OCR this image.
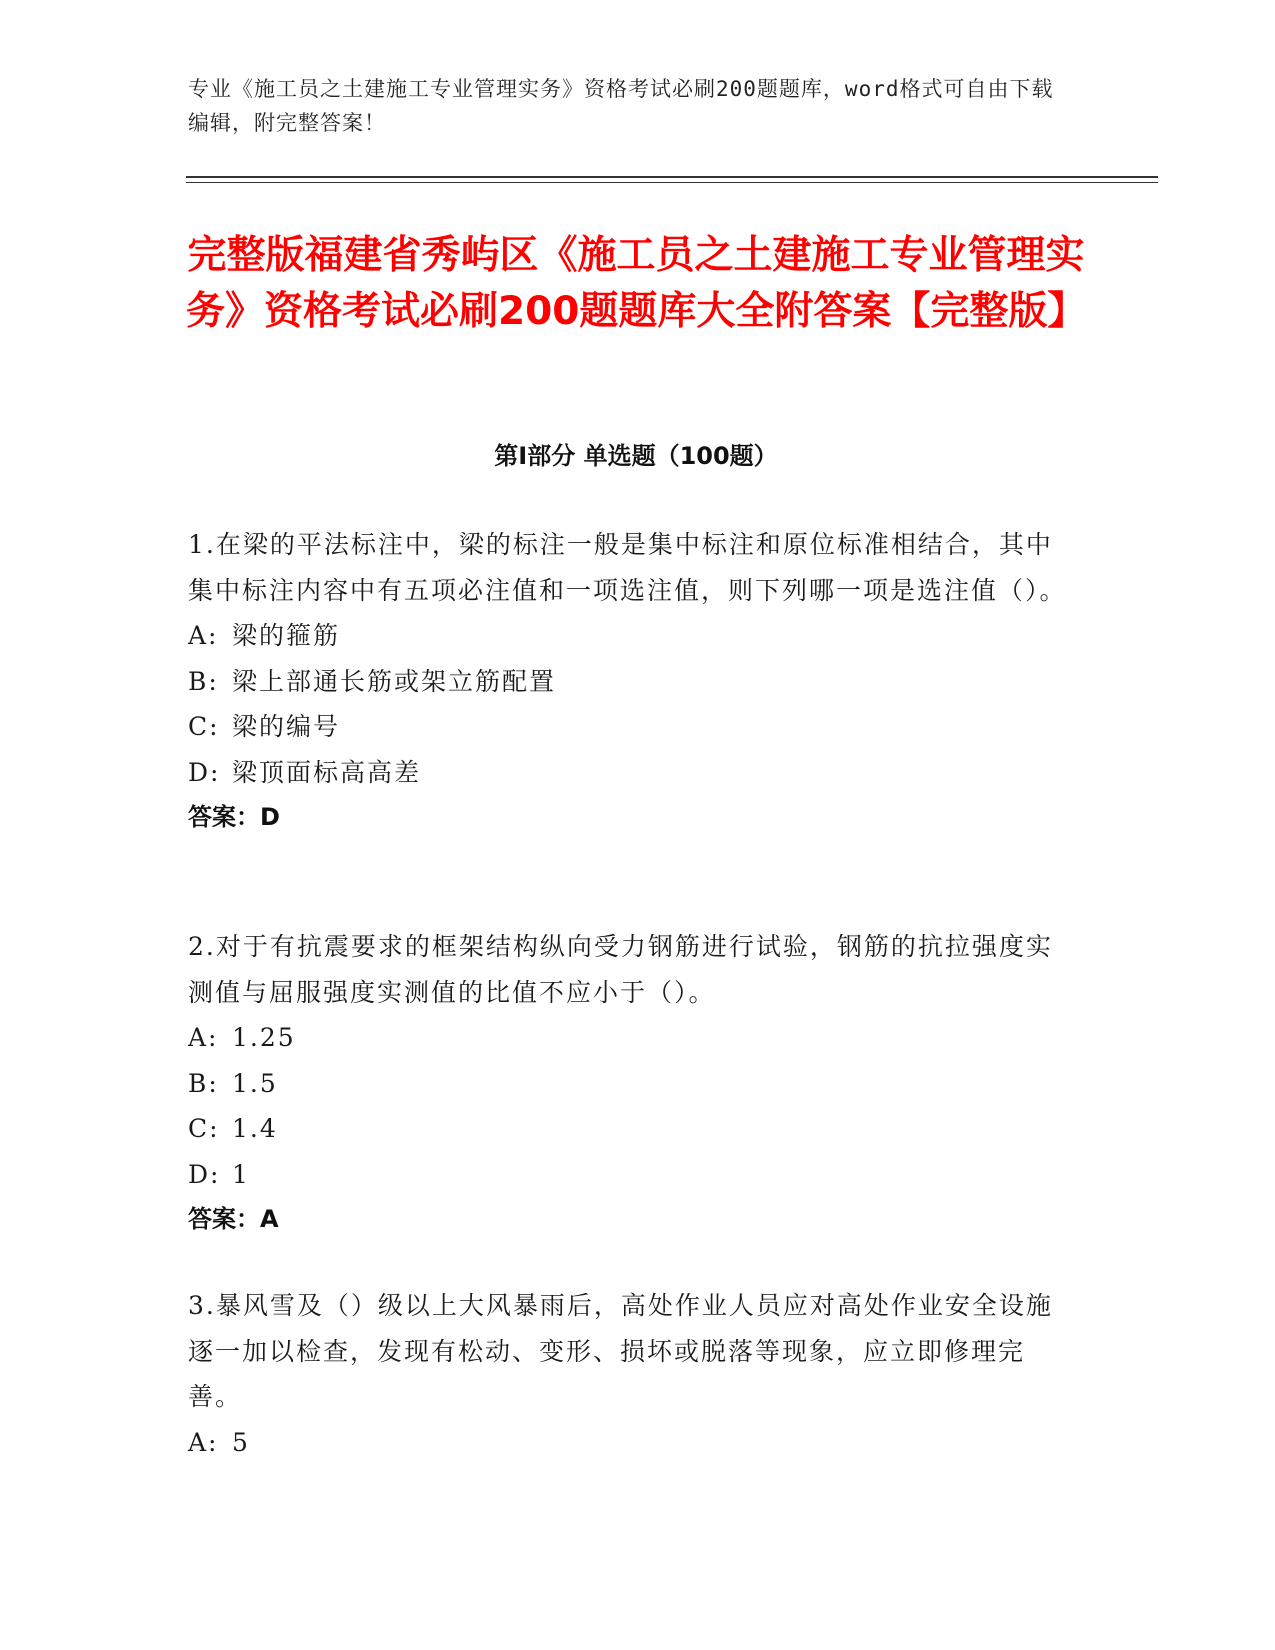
专业《施工员之土建施工专业管理实务》资格考试必刷200题题库，word格式可自由下载编辑，附完整答案！
完整版福建省秀屿区《施工员之土建施工专业管理实务》资格考试必刷200题题库大全附答案【完整版】
第Ⅰ部分 单选题（100题）

1.在梁的平法标注中，梁的标注一般是集中标注和原位标准相结合，其中集中标注内容中有五项必注值和一项选注值，则下列哪一项是选注值（）。

A: 梁的箍筋

B: 梁上部通长筋或架立筋配置

C: 梁的编号

D: 梁顶面标高高差

答案：D

2.对于有抗震要求的框架结构纵向受力钢筋进行试验，钢筋的抗拉强度实测值与屈服强度实测值的比值不应小于（）。

A: 1.25

B: 1.5

C: 1.4

D: 1

答案：A

3.暴风雪及（）级以上大风暴雨后，高处作业人员应对高处作业安全设施逐一加以检查，发现有松动、变形、损坏或脱落等现象，应立即修理完善。

A: 5
